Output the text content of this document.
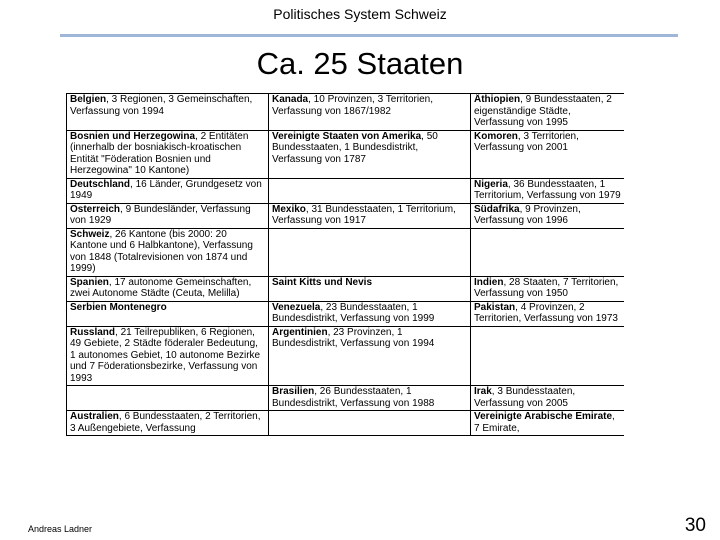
Politisches System Schweiz
Ca. 25 Staaten
Belgien, 3 Regionen, 3 Gemeinschaften, Verfassung von 1994	Kanada, 10 Provinzen, 3 Territorien, Verfassung von 1867/1982	Äthiopien, 9 Bundesstaaten, 2 eigenständige Städte, Verfassung von 1995
Bosnien und Herzegowina, 2 Entitäten (innerhalb der bosniakisch-kroatischen Entität "Föderation Bosnien und Herzegowina" 10 Kantone)	Vereinigte Staaten von Amerika, 50 Bundesstaaten, 1 Bundesdistrikt, Verfassung von 1787	Komoren, 3 Territorien, Verfassung von 2001
Deutschland, 16 Länder, Grundgesetz von 1949		Nigeria, 36 Bundesstaaten, 1 Territorium, Verfassung von 1979
Österreich, 9 Bundesländer, Verfassung von 1929	Mexiko, 31 Bundesstaaten, 1 Territorium, Verfassung von 1917	Südafrika, 9 Provinzen, Verfassung von 1996
Schweiz, 26 Kantone (bis 2000: 20 Kantone und 6 Halbkantone), Verfassung von 1848 (Totalrevisionen von 1874 und 1999)		
Spanien, 17 autonome Gemeinschaften, zwei Autonome Städte (Ceuta, Melilla)	Saint Kitts und Nevis	Indien, 28 Staaten, 7 Territorien, Verfassung von 1950
Serbien Montenegro	Venezuela, 23 Bundesstaaten, 1 Bundesdistrikt, Verfassung von 1999	Pakistan, 4 Provinzen, 2 Territorien, Verfassung von 1973
Russland, 21 Teilrepubliken, 6 Regionen, 49 Gebiete, 2 Städte föderaler Bedeutung, 1 autonomes Gebiet, 10 autonome Bezirke und 7 Föderationsbezirke, Verfassung von 1993	Argentinien, 23 Provinzen, 1 Bundesdistrikt, Verfassung von 1994	
	Brasilien, 26 Bundesstaaten, 1 Bundesdistrikt, Verfassung von 1988	Irak, 3 Bundesstaaten, Verfassung von 2005
Australien, 6 Bundesstaaten, 2 Territorien, 3 Außengebiete, Verfassung		Vereinigte Arabische Emirate, 7 Emirate,
Andreas Ladner	30
